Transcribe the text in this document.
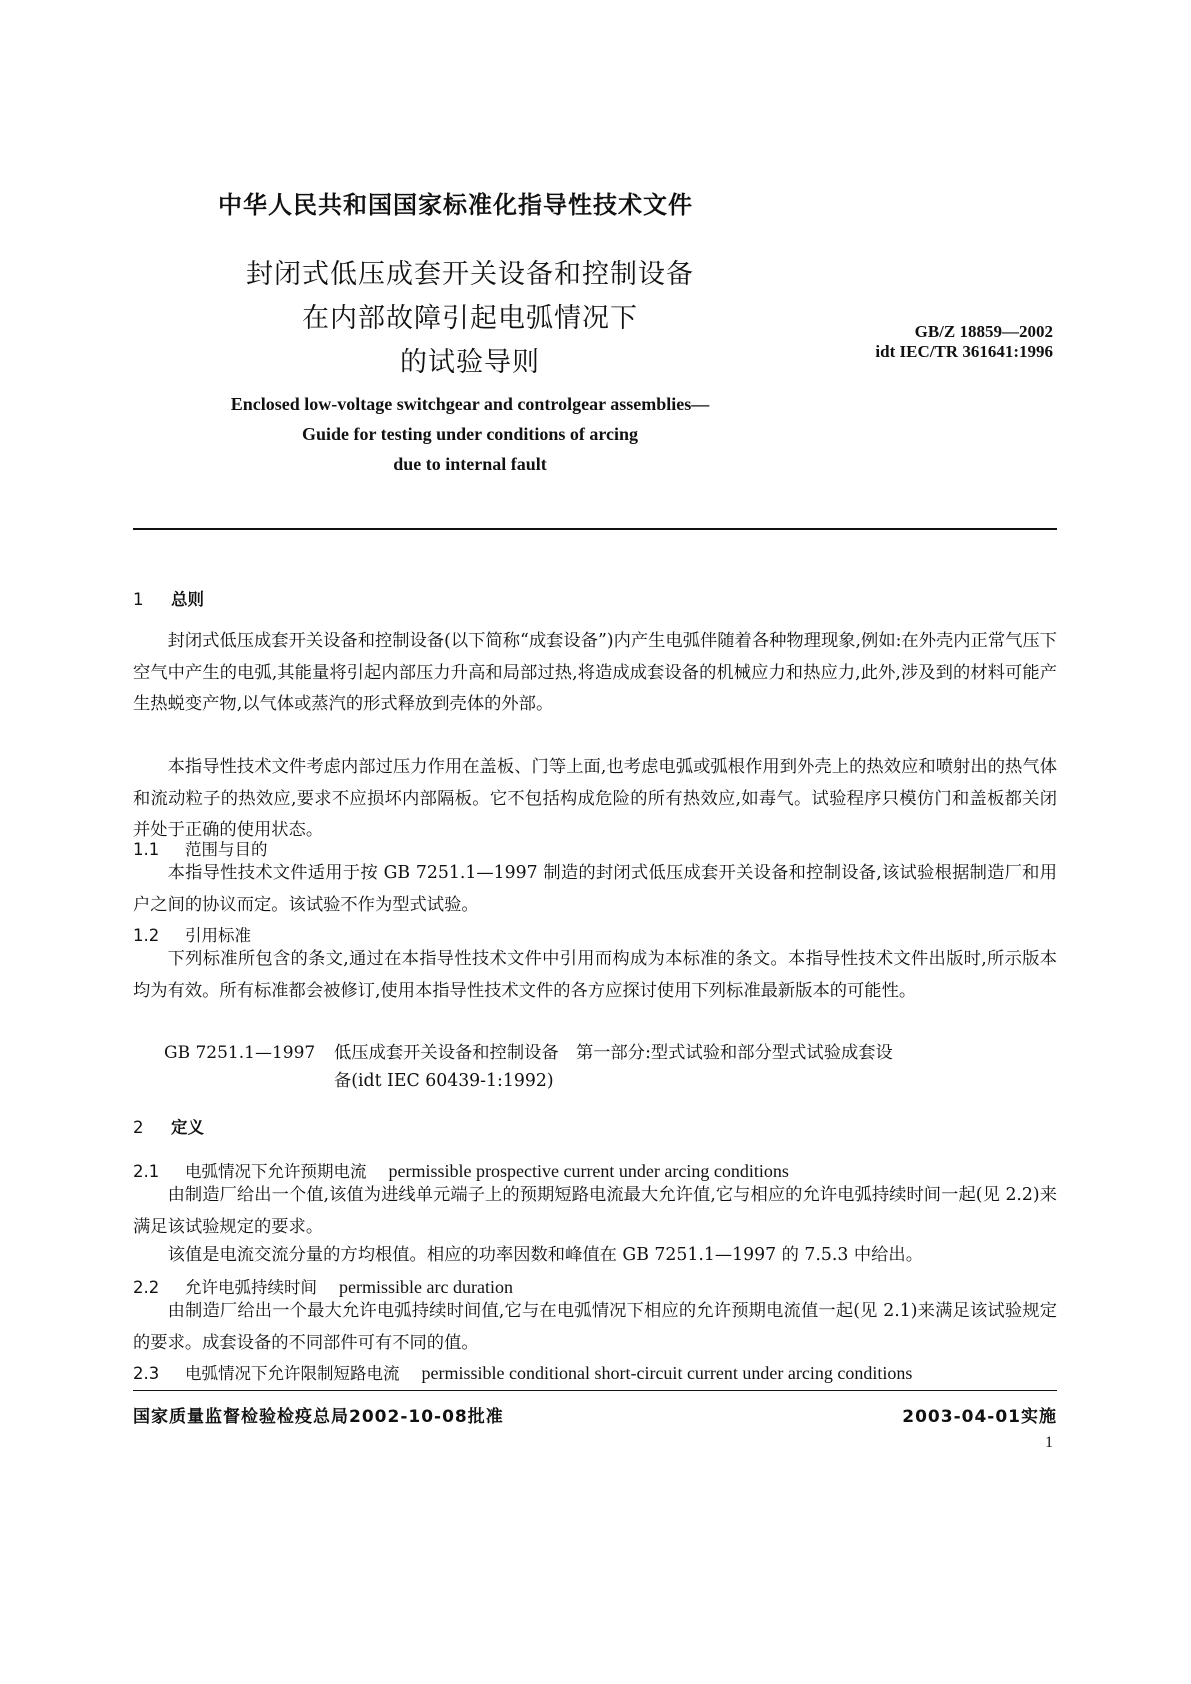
中华人民共和国国家标准化指导性技术文件
封闭式低压成套开关设备和控制设备
在内部故障引起电弧情况下
的试验导则
GB/Z 18859—2002
idt IEC/TR 361641:1996
Enclosed low-voltage switchgear and controlgear assemblies—
Guide for testing under conditions of arcing
due to internal fault
1 总则
封闭式低压成套开关设备和控制设备(以下简称“成套设备”)内产生电弧伴随着各种物理现象,例如:在外壳内正常气压下空气中产生的电弧,其能量将引起内部压力升高和局部过热,将造成成套设备的机械应力和热应力,此外,涉及到的材料可能产生热蜕变产物,以气体或蒸汽的形式释放到壳体的外部。
本指导性技术文件考虑内部过压力作用在盖板、门等上面,也考虑电弧或弧根作用到外壳上的热效应和喷射出的热气体和流动粒子的热效应,要求不应损坏内部隔板。它不包括构成危险的所有热效应,如毒气。试验程序只模仿门和盖板都关闭并处于正确的使用状态。
1.1 范围与目的
本指导性技术文件适用于按 GB 7251.1—1997 制造的封闭式低压成套开关设备和控制设备,该试验根据制造厂和用户之间的协议而定。该试验不作为型式试验。
1.2 引用标准
下列标准所包含的条文,通过在本指导性技术文件中引用而构成为本标准的条文。本指导性技术文件出版时,所示版本均为有效。所有标准都会被修订,使用本指导性技术文件的各方应探讨使用下列标准最新版本的可能性。
GB 7251.1—1997 低压成套开关设备和控制设备　第一部分:型式试验和部分型式试验成套设
备(idt IEC 60439-1:1992)
2 定义
2.1 电弧情况下允许预期电流 permissible prospective current under arcing conditions
由制造厂给出一个值,该值为进线单元端子上的预期短路电流最大允许值,它与相应的允许电弧持续时间一起(见 2.2)来满足该试验规定的要求。
该值是电流交流分量的方均根值。相应的功率因数和峰值在 GB 7251.1—1997 的 7.5.3 中给出。
2.2 允许电弧持续时间 permissible arc duration
由制造厂给出一个最大允许电弧持续时间值,它与在电弧情况下相应的允许预期电流值一起(见 2.1)来满足该试验规定的要求。成套设备的不同部件可有不同的值。
2.3 电弧情况下允许限制短路电流 permissible conditional short-circuit current under arcing conditions
国家质量监督检验检疫总局2002-10-08批准	2003-04-01实施
1
